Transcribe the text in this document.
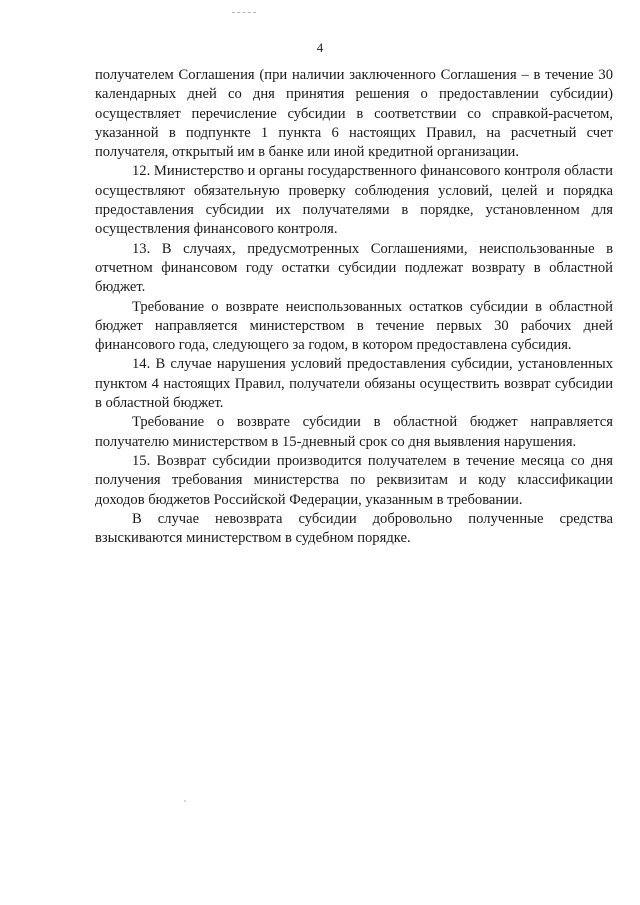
4

получателем Соглашения (при наличии заключенного Соглашения – в течение 30 календарных дней со дня принятия решения о предоставлении субсидии) осуществляет перечисление субсидии в соответствии со справкой-расчетом, указанной в подпункте 1 пункта 6 настоящих Правил, на расчетный счет получателя, открытый им в банке или иной кредитной организации.

12. Министерство и органы государственного финансового контроля области осуществляют обязательную проверку соблюдения условий, целей и порядка предоставления субсидии их получателями в порядке, установленном для осуществления финансового контроля.

13. В случаях, предусмотренных Соглашениями, неиспользованные в отчетном финансовом году остатки субсидии подлежат возврату в областной бюджет.

Требование о возврате неиспользованных остатков субсидии в областной бюджет направляется министерством в течение первых 30 рабочих дней финансового года, следующего за годом, в котором предоставлена субсидия.

14. В случае нарушения условий предоставления субсидии, установленных пунктом 4 настоящих Правил, получатели обязаны осуществить возврат субсидии в областной бюджет.

Требование о возврате субсидии в областной бюджет направляется получателю министерством в 15-дневный срок со дня выявления нарушения.

15. Возврат субсидии производится получателем в течение месяца со дня получения требования министерства по реквизитам и коду классификации доходов бюджетов Российской Федерации, указанным в требовании.

В случае невозврата субсидии добровольно полученные средства взыскиваются министерством в судебном порядке.
